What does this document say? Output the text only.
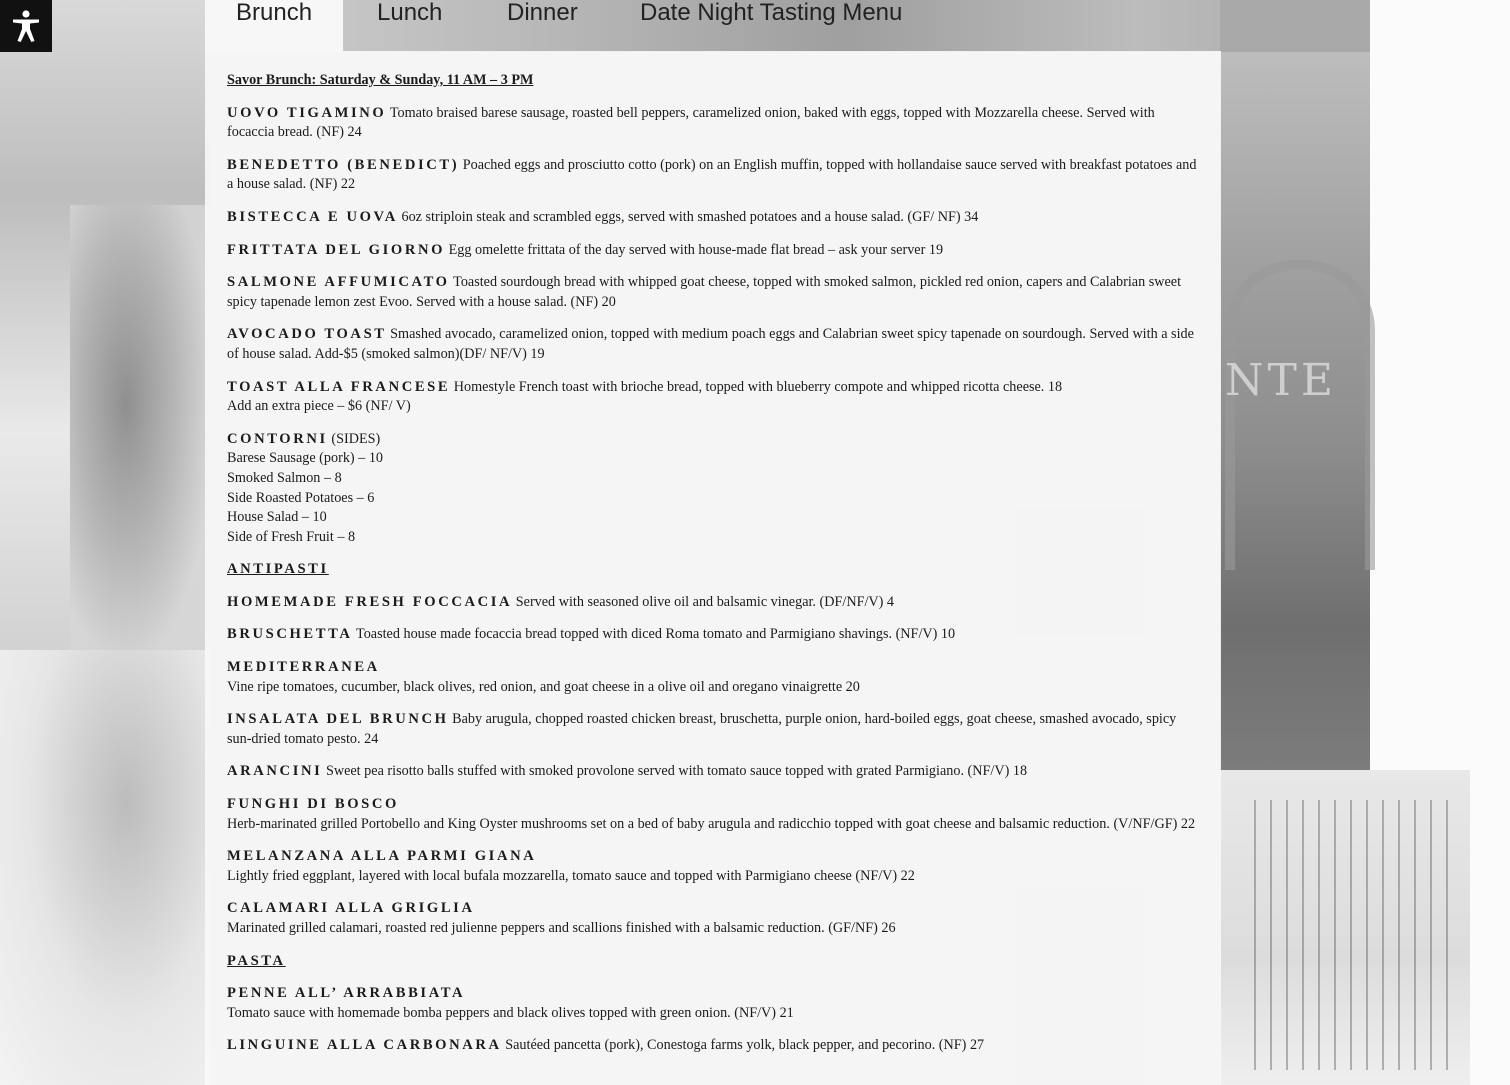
NTE
Brunch	Lunch	Dinner	Date Night Tasting Menu

Savor Brunch: Saturday & Sunday, 11 AM – 3 PM

UOVO TIGAMINO Tomato braised barese sausage, roasted bell peppers, caramelized onion, baked with eggs, topped with Mozzarella cheese. Served with focaccia bread. (NF) 24

BENEDETTO (BENEDICT) Poached eggs and prosciutto cotto (pork) on an English muffin, topped with hollandaise sauce served with breakfast potatoes and a house salad. (NF) 22

BISTECCA E UOVA 6oz striploin steak and scrambled eggs, served with smashed potatoes and a house salad. (GF/ NF) 34

FRITTATA DEL GIORNO Egg omelette frittata of the day served with house-made flat bread – ask your server 19

SALMONE AFFUMICATO Toasted sourdough bread with whipped goat cheese, topped with smoked salmon, pickled red onion, capers and Calabrian sweet spicy tapenade lemon zest Evoo. Served with a house salad. (NF) 20

AVOCADO TOAST Smashed avocado, caramelized onion, topped with medium poach eggs and Calabrian sweet spicy tapenade on sourdough. Served with a side of house salad. Add-$5 (smoked salmon)(DF/ NF/V) 19

TOAST ALLA FRANCESE Homestyle French toast with brioche bread, topped with blueberry compote and whipped ricotta cheese. 18
Add an extra piece – $6 (NF/ V)

CONTORNI (SIDES)
Barese Sausage (pork) – 10
Smoked Salmon – 8
Side Roasted Potatoes – 6
House Salad – 10
Side of Fresh Fruit – 8

ANTIPASTI

HOMEMADE FRESH FOCCACIA Served with seasoned olive oil and balsamic vinegar. (DF/NF/V) 4

BRUSCHETTA Toasted house made focaccia bread topped with diced Roma tomato and Parmigiano shavings. (NF/V) 10

MEDITERRANEA
Vine ripe tomatoes, cucumber, black olives, red onion, and goat cheese in a olive oil and oregano vinaigrette 20

INSALATA DEL BRUNCH Baby arugula, chopped roasted chicken breast, bruschetta, purple onion, hard-boiled eggs, goat cheese, smashed avocado, spicy sun-dried tomato pesto. 24

ARANCINI Sweet pea risotto balls stuffed with smoked provolone served with tomato sauce topped with grated Parmigiano. (NF/V) 18

FUNGHI DI BOSCO
Herb-marinated grilled Portobello and King Oyster mushrooms set on a bed of baby arugula and radicchio topped with goat cheese and balsamic reduction. (V/NF/GF) 22

MELANZANA ALLA PARMI GIANA
Lightly fried eggplant, layered with local bufala mozzarella, tomato sauce and topped with Parmigiano cheese (NF/V) 22

CALAMARI ALLA GRIGLIA
Marinated grilled calamari, roasted red julienne peppers and scallions finished with a balsamic reduction. (GF/NF) 26

PASTA

PENNE ALL’ ARRABBIATA
Tomato sauce with homemade bomba peppers and black olives topped with green onion. (NF/V) 21

LINGUINE ALLA CARBONARA Sautéed pancetta (pork), Conestoga farms yolk, black pepper, and pecorino. (NF) 27
